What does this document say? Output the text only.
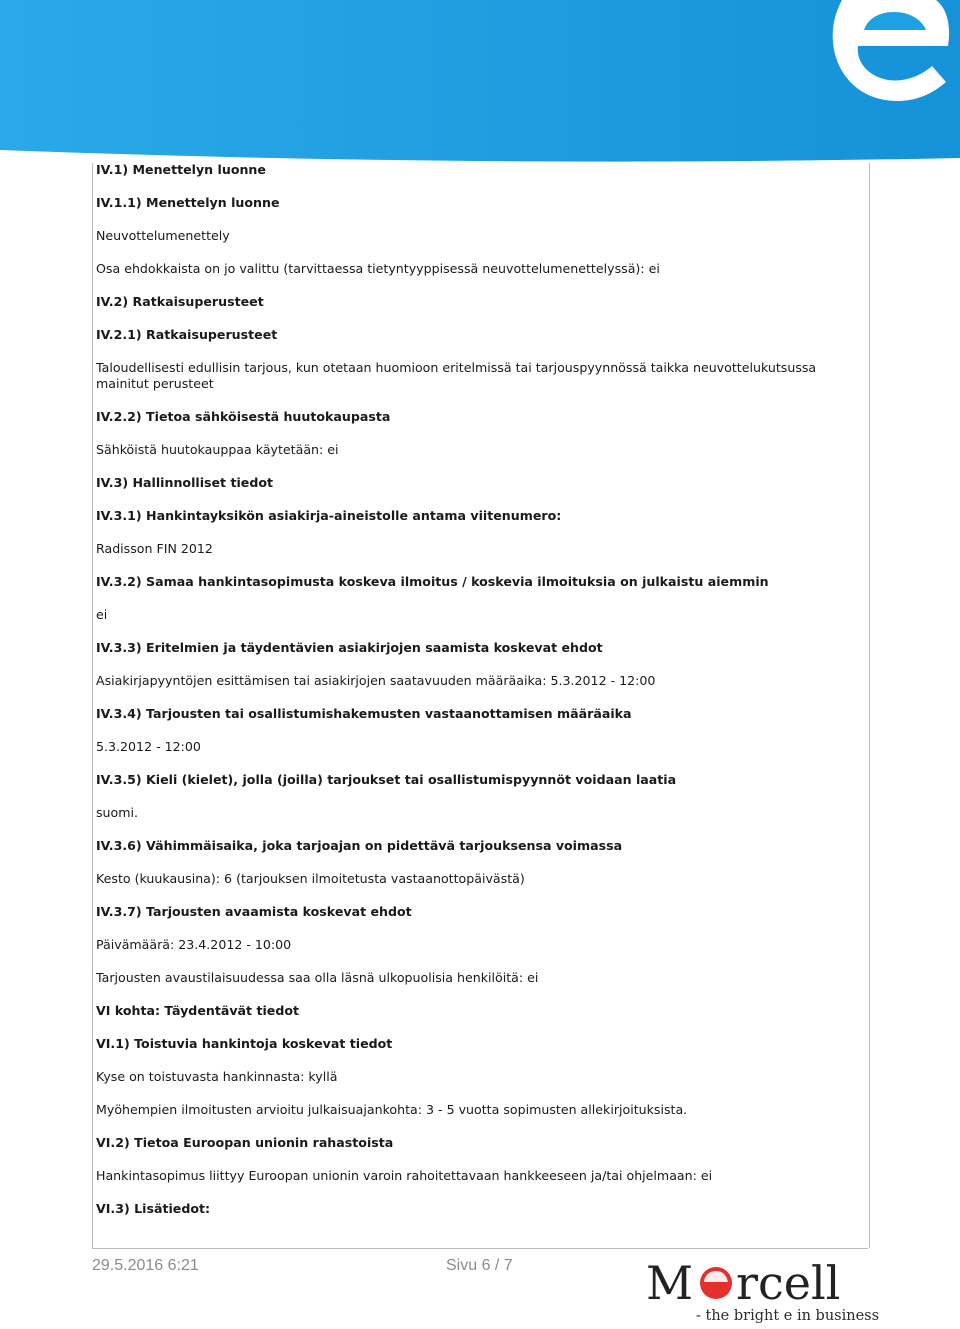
IV.1) Menettelyn luonne
IV.1.1) Menettelyn luonne
Neuvottelumenettely
Osa ehdokkaista on jo valittu (tarvittaessa tietyntyyppisessä neuvottelumenettelyssä): ei
IV.2) Ratkaisuperusteet
IV.2.1) Ratkaisuperusteet
Taloudellisesti edullisin tarjous, kun otetaan huomioon eritelmissä tai tarjouspyynnössä taikka neuvottelukutsussa mainitut perusteet
IV.2.2) Tietoa sähköisestä huutokaupasta
Sähköistä huutokauppaa käytetään: ei
IV.3) Hallinnolliset tiedot
IV.3.1) Hankintayksikön asiakirja-aineistolle antama viitenumero:
Radisson FIN 2012
IV.3.2) Samaa hankintasopimusta koskeva ilmoitus / koskevia ilmoituksia on julkaistu aiemmin
ei
IV.3.3) Eritelmien ja täydentävien asiakirjojen saamista koskevat ehdot
Asiakirjapyyntöjen esittämisen tai asiakirjojen saatavuuden määräaika: 5.3.2012 - 12:00
IV.3.4) Tarjousten tai osallistumishakemusten vastaanottamisen määräaika
5.3.2012 - 12:00
IV.3.5) Kieli (kielet), jolla (joilla) tarjoukset tai osallistumispyynnöt voidaan laatia
suomi.
IV.3.6) Vähimmäisaika, joka tarjoajan on pidettävä tarjouksensa voimassa
Kesto (kuukausina): 6 (tarjouksen ilmoitetusta vastaanottopäivästä)
IV.3.7) Tarjousten avaamista koskevat ehdot
Päivämäärä: 23.4.2012 - 10:00
Tarjousten avaustilaisuudessa saa olla läsnä ulkopuolisia henkilöitä: ei
VI kohta: Täydentävät tiedot
VI.1) Toistuvia hankintoja koskevat tiedot
Kyse on toistuvasta hankinnasta: kyllä
Myöhempien ilmoitusten arvioitu julkaisuajankohta: 3 - 5 vuotta sopimusten allekirjoituksista.
VI.2) Tietoa Euroopan unionin rahastoista
Hankintasopimus liittyy Euroopan unionin varoin rahoitettavaan hankkeeseen ja/tai ohjelmaan: ei
VI.3) Lisätiedot:
29.5.2016 6:21	Sivu 6 / 7	M rcell
- the bright e in business
